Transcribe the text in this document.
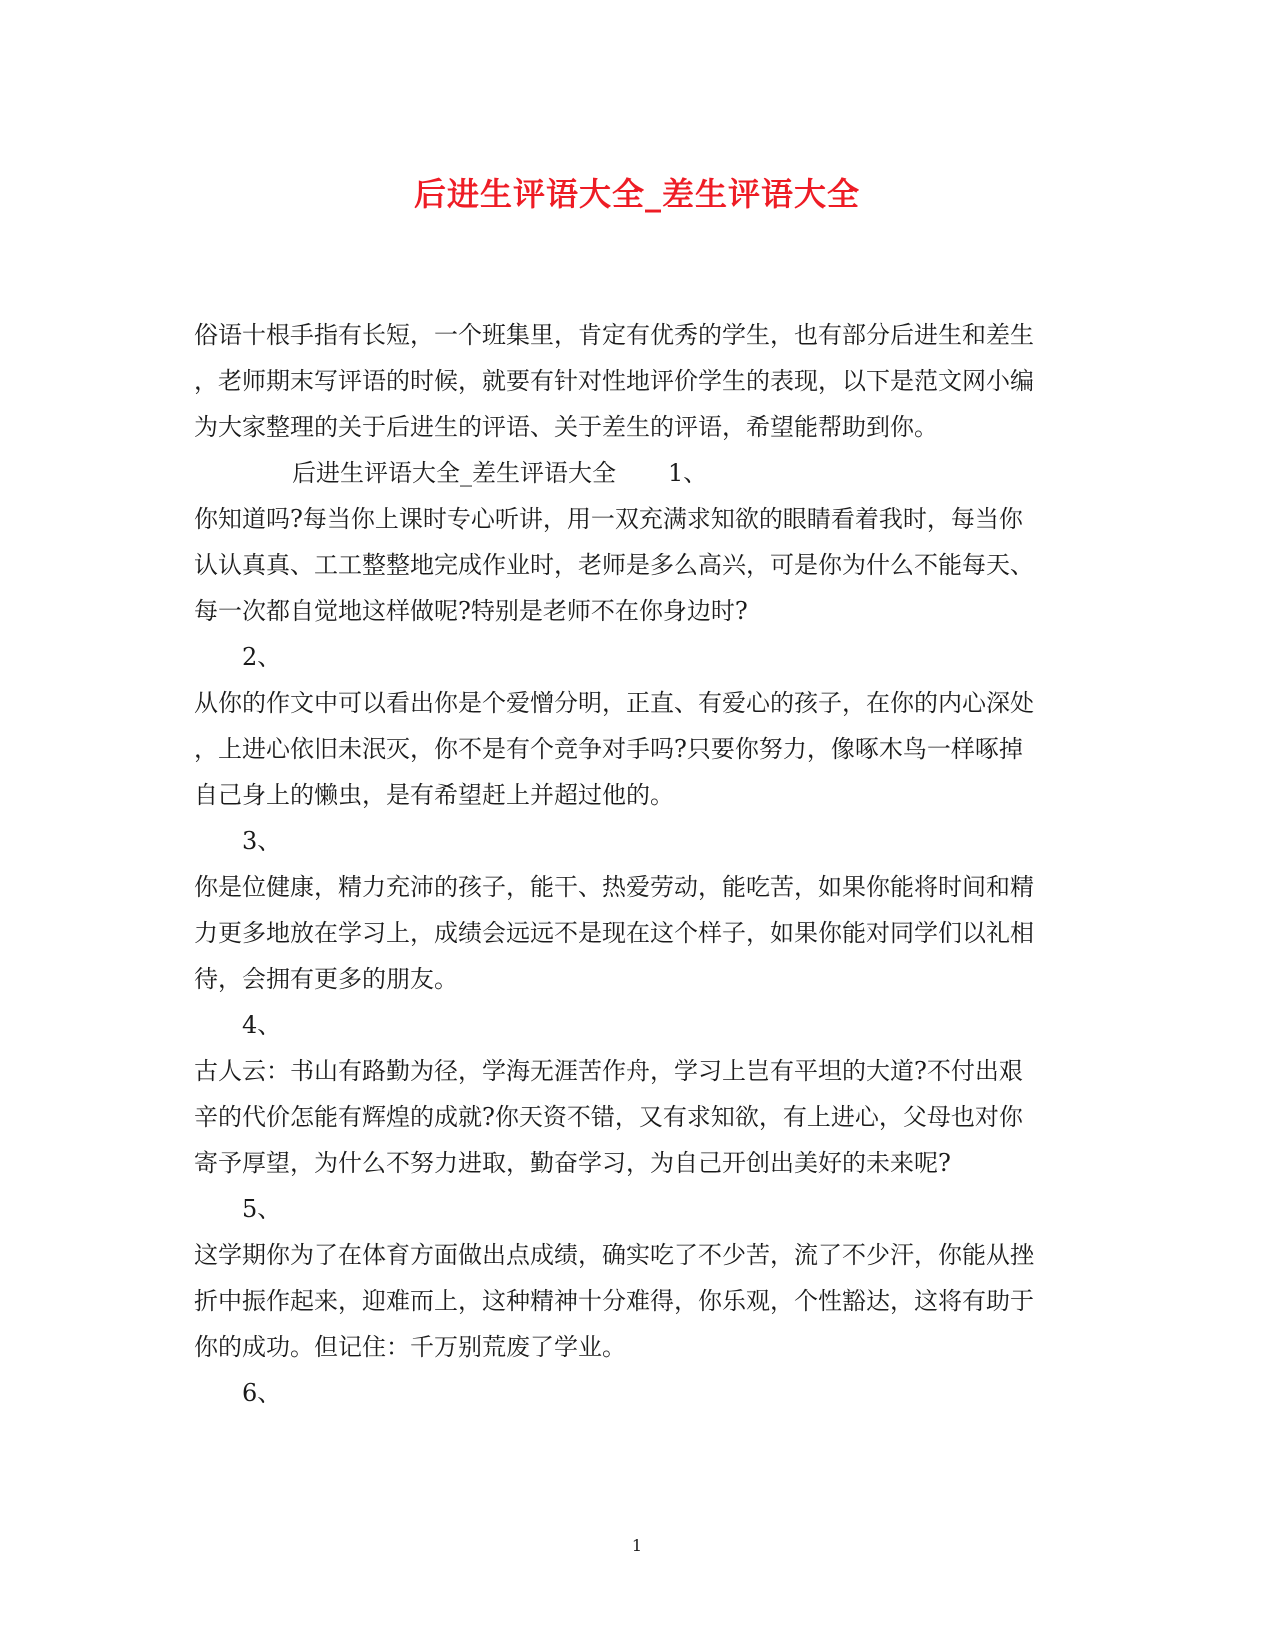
后进生评语大全_差生评语大全

俗语十根手指有长短，一个班集里，肯定有优秀的学生，也有部分后进生和差生

，老师期末写评语的时候，就要有针对性地评价学生的表现，以下是范文网小编

为大家整理的关于后进生的评语、关于差生的评语，希望能帮助到你。

后进生评语大全_差生评语大全 1、

你知道吗?每当你上课时专心听讲，用一双充满求知欲的眼睛看着我时，每当你

认认真真、工工整整地完成作业时，老师是多么高兴，可是你为什么不能每天、

每一次都自觉地这样做呢?特别是老师不在你身边时?

2、

从你的作文中可以看出你是个爱憎分明，正直、有爱心的孩子，在你的内心深处

，上进心依旧未泯灭，你不是有个竞争对手吗?只要你努力，像啄木鸟一样啄掉

自己身上的懒虫，是有希望赶上并超过他的。

3、

你是位健康，精力充沛的孩子，能干、热爱劳动，能吃苦，如果你能将时间和精

力更多地放在学习上，成绩会远远不是现在这个样子，如果你能对同学们以礼相

待，会拥有更多的朋友。

4、

古人云：书山有路勤为径，学海无涯苦作舟，学习上岂有平坦的大道?不付出艰

辛的代价怎能有辉煌的成就?你天资不错，又有求知欲，有上进心，父母也对你

寄予厚望，为什么不努力进取，勤奋学习，为自己开创出美好的未来呢?

5、

这学期你为了在体育方面做出点成绩，确实吃了不少苦，流了不少汗，你能从挫

折中振作起来，迎难而上，这种精神十分难得，你乐观，个性豁达，这将有助于

你的成功。但记住：千万别荒废了学业。

6、

1
